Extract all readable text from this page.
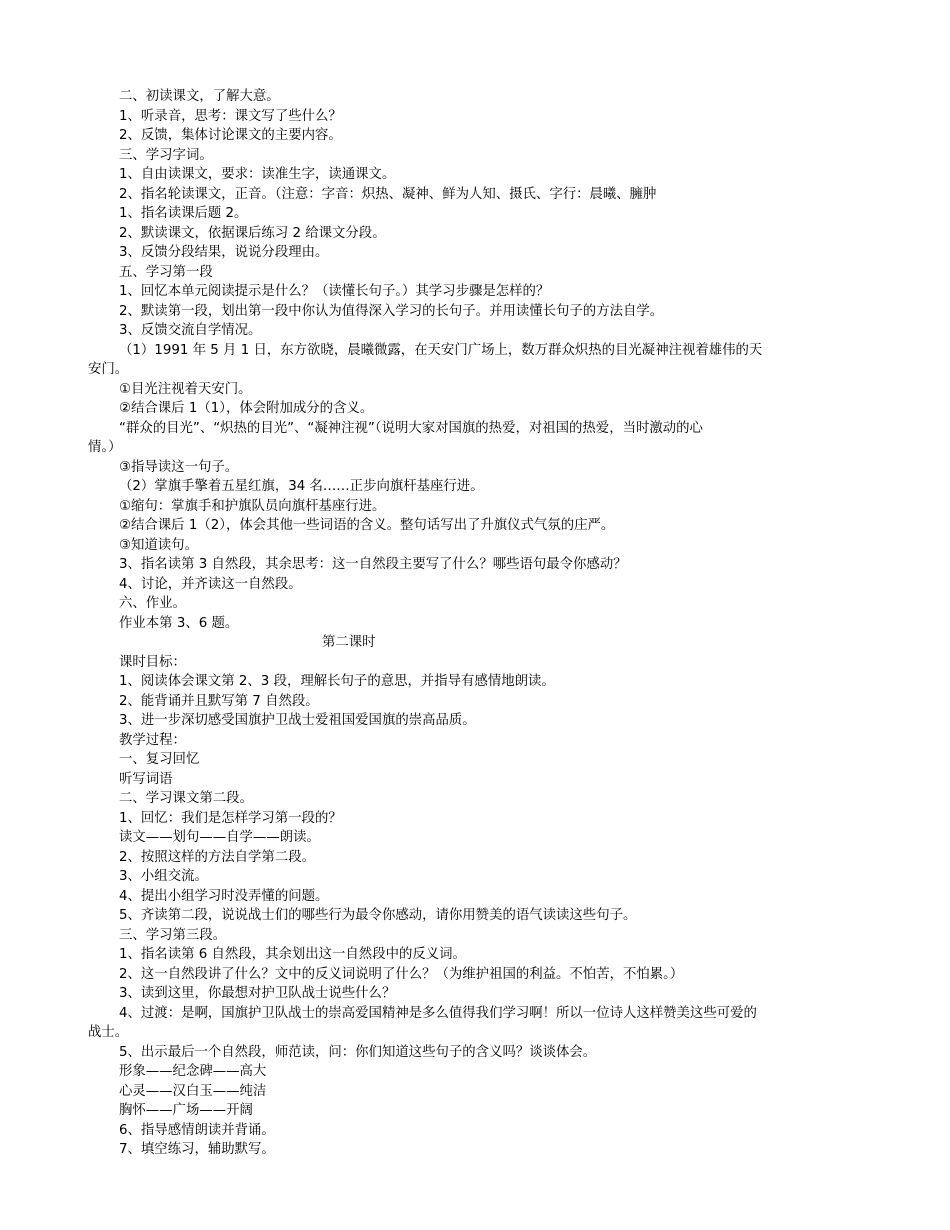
二、初读课文，了解大意。
1、听录音，思考：课文写了些什么？
2、反馈，集体讨论课文的主要内容。
三、学习字词。
1、自由读课文，要求：读准生字，读通课文。
2、指名轮读课文，正音。（注意：字音：炽热、凝神、鲜为人知、摄氏、字行：晨曦、臃肿
1、指名读课后题 2。
2、默读课文，依据课后练习 2 给课文分段。
3、反馈分段结果，说说分段理由。
五、学习第一段
1、回忆本单元阅读提示是什么？（读懂长句子。）其学习步骤是怎样的？
2、默读第一段，划出第一段中你认为值得深入学习的长句子。并用读懂长句子的方法自学。
3、反馈交流自学情况。
（1）1991 年 5 月 1 日，东方欲晓，晨曦微露，在天安门广场上，数万群众炽热的目光凝神注视着雄伟的天
安门。
①目光注视着天安门。
②结合课后 1（1），体会附加成分的含义。
“群众的目光”、“炽热的目光”、“凝神注视”（说明大家对国旗的热爱，对祖国的热爱，当时激动的心
情。）
③指导读这一句子。
（2）掌旗手擎着五星红旗，34 名……正步向旗杆基座行进。
①缩句：掌旗手和护旗队员向旗杆基座行进。
②结合课后 1（2），体会其他一些词语的含义。整句话写出了升旗仪式气氛的庄严。
③知道读句。
3、指名读第 3 自然段，其余思考：这一自然段主要写了什么？哪些语句最令你感动？
4、讨论，并齐读这一自然段。
六、作业。
作业本第 3、6 题。
第二课时
课时目标：
1、阅读体会课文第 2、3 段，理解长句子的意思，并指导有感情地朗读。
2、能背诵并且默写第 7 自然段。
3、进一步深切感受国旗护卫战士爱祖国爱国旗的崇高品质。
教学过程：
一、复习回忆
听写词语
二、学习课文第二段。
1、回忆：我们是怎样学习第一段的？
读文——划句——自学——朗读。
2、按照这样的方法自学第二段。
3、小组交流。
4、提出小组学习时没弄懂的问题。
5、齐读第二段，说说战士们的哪些行为最令你感动，请你用赞美的语气读读这些句子。
三、学习第三段。
1、指名读第 6 自然段，其余划出这一自然段中的反义词。
2、这一自然段讲了什么？文中的反义词说明了什么？（为维护祖国的利益。不怕苦，不怕累。）
3、读到这里，你最想对护卫队战士说些什么？
4、过渡：是啊，国旗护卫队战士的崇高爱国精神是多么值得我们学习啊！所以一位诗人这样赞美这些可爱的
战士。
5、出示最后一个自然段，师范读，问：你们知道这些句子的含义吗？谈谈体会。
形象——纪念碑——高大
心灵——汉白玉——纯洁
胸怀——广场——开阔
6、指导感情朗读并背诵。
7、填空练习，辅助默写。
